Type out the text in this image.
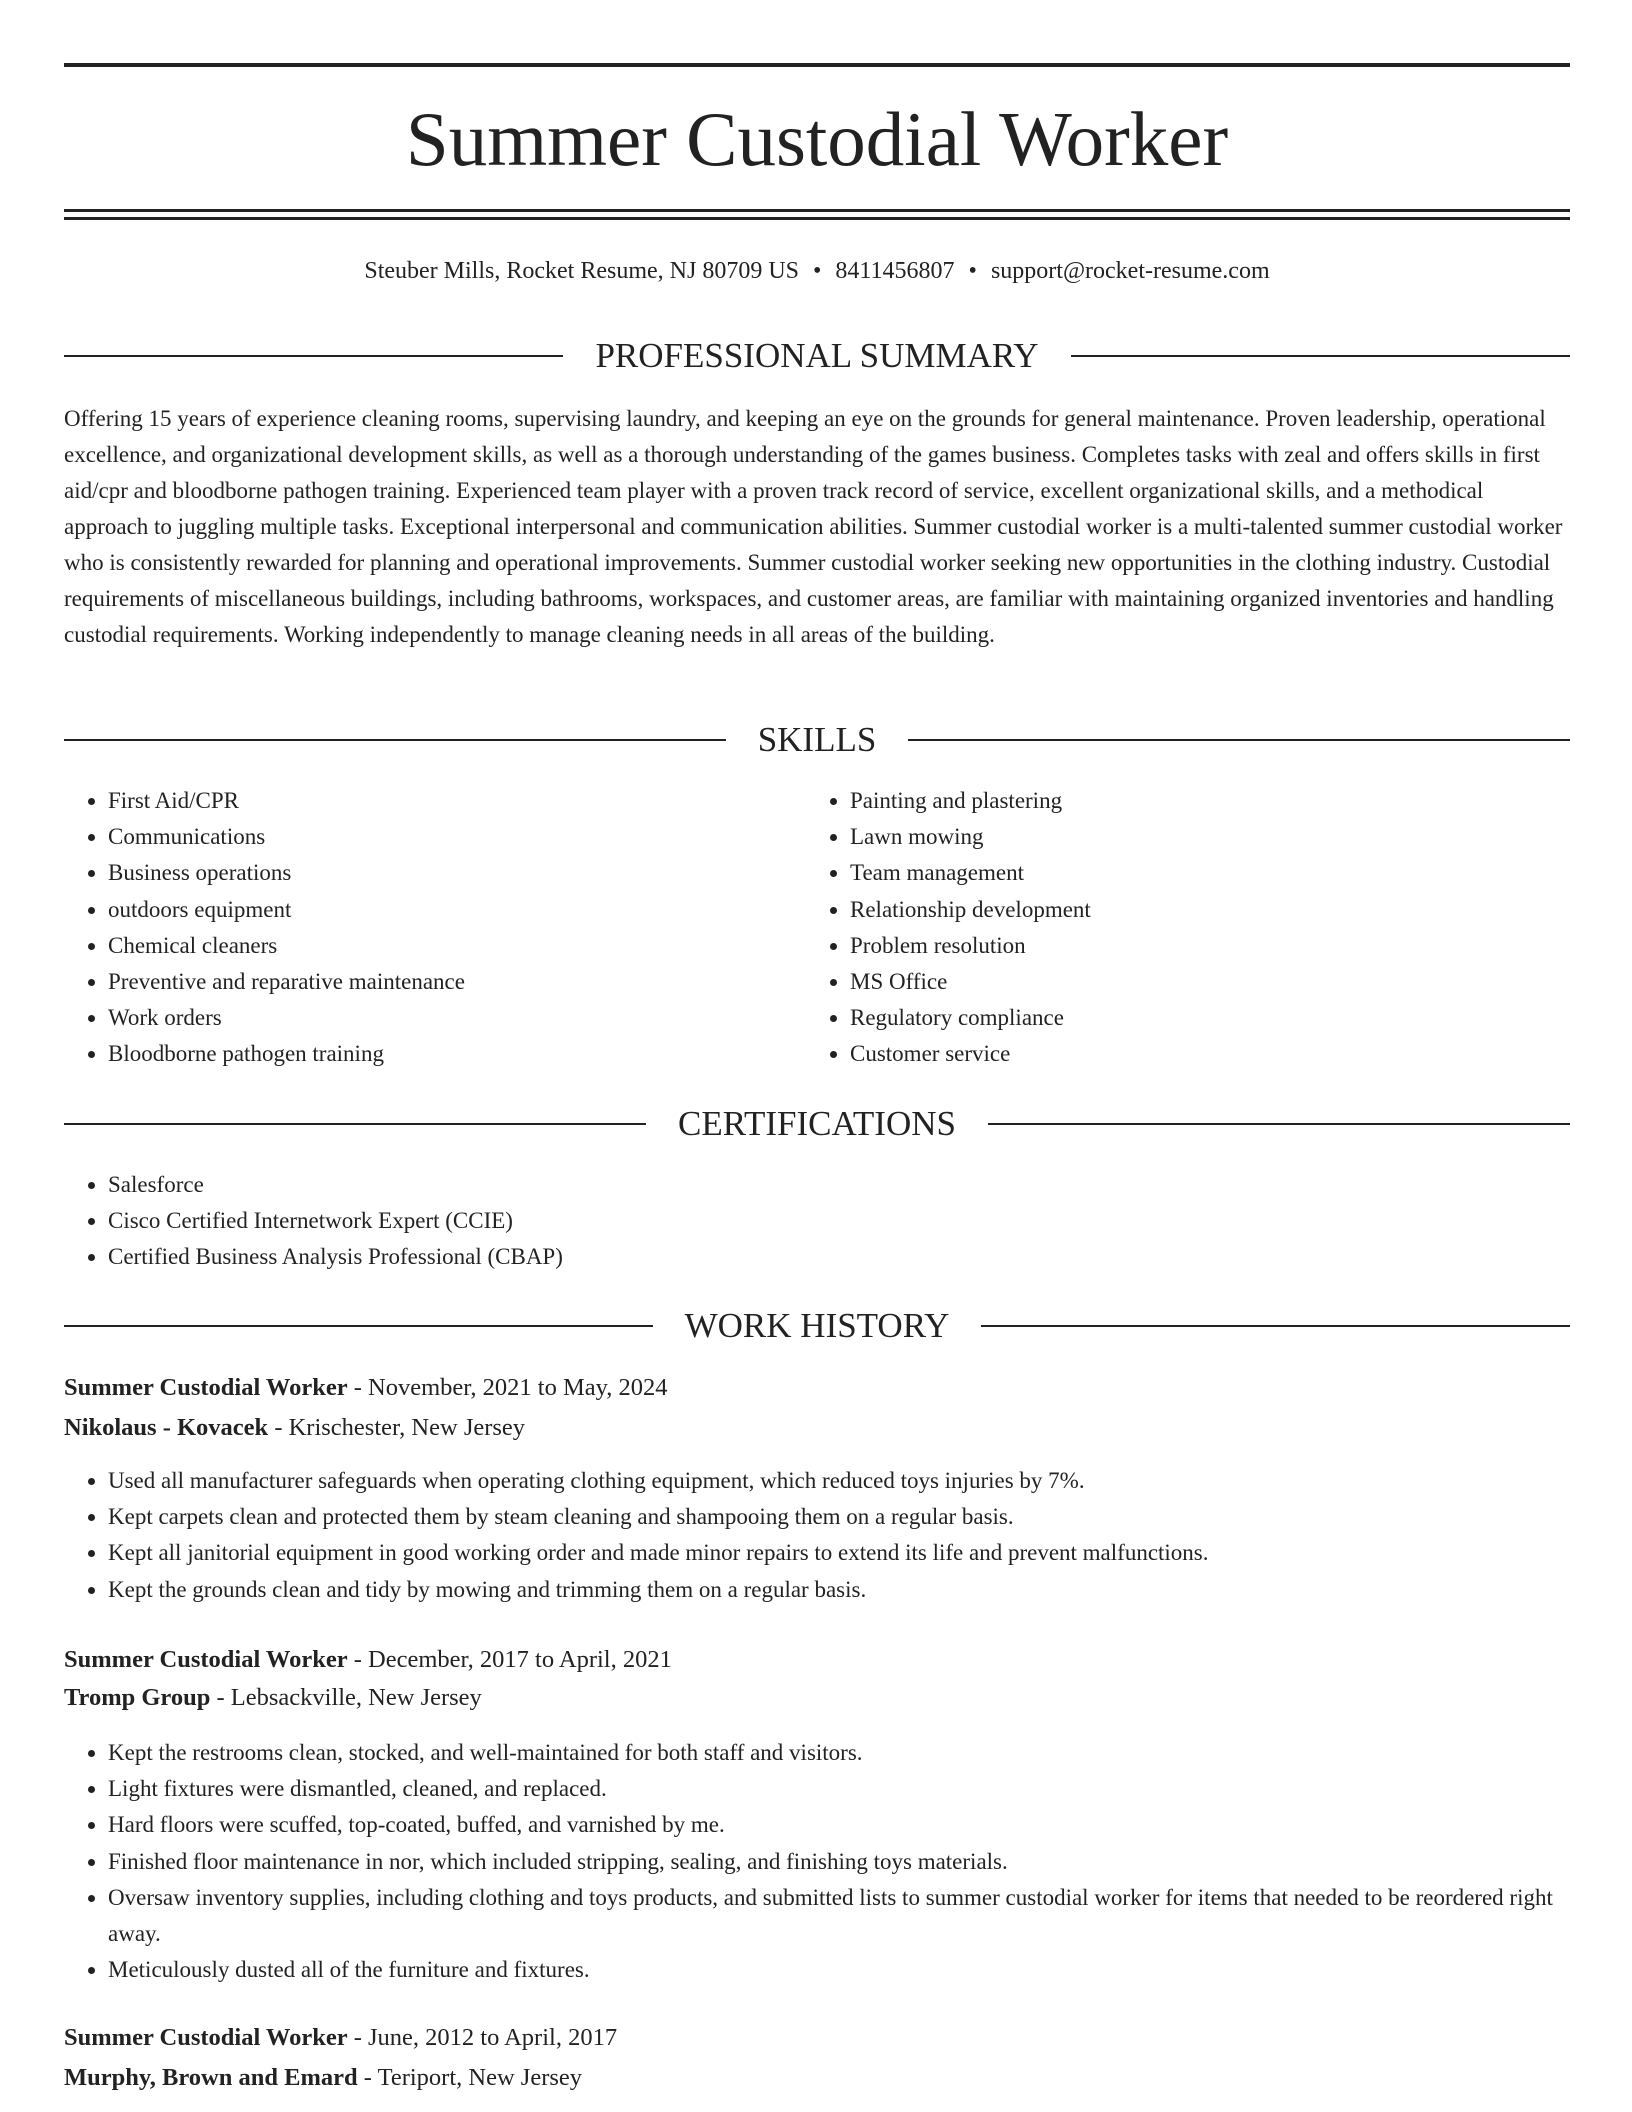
Summer Custodial Worker
Steuber Mills, Rocket Resume, NJ 80709 US • 8411456807 • support@rocket-resume.com
PROFESSIONAL SUMMARY

Offering 15 years of experience cleaning rooms, supervising laundry, and keeping an eye on the grounds for general maintenance. Proven leadership, operational excellence, and organizational development skills, as well as a thorough understanding of the games business. Completes tasks with zeal and offers skills in first aid/cpr and bloodborne pathogen training. Experienced team player with a proven track record of service, excellent organizational skills, and a methodical approach to juggling multiple tasks. Exceptional interpersonal and communication abilities. Summer custodial worker is a multi-talented summer custodial worker who is consistently rewarded for planning and operational improvements. Summer custodial worker seeking new opportunities in the clothing industry. Custodial requirements of miscellaneous buildings, including bathrooms, workspaces, and customer areas, are familiar with maintaining organized inventories and handling custodial requirements. Working independently to manage cleaning needs in all areas of the building.

SKILLS
• First Aid/CPR
• Communications
• Business operations
• outdoors equipment
• Chemical cleaners
• Preventive and reparative maintenance
• Work orders
• Bloodborne pathogen training
• Painting and plastering
• Lawn mowing
• Team management
• Relationship development
• Problem resolution
• MS Office
• Regulatory compliance
• Customer service
CERTIFICATIONS
• Salesforce
• Cisco Certified Internetwork Expert (CCIE)
• Certified Business Analysis Professional (CBAP)
WORK HISTORY
Summer Custodial Worker - November, 2021 to May, 2024
Nikolaus - Kovacek - Krischester, New Jersey
• Used all manufacturer safeguards when operating clothing equipment, which reduced toys injuries by 7%.
• Kept carpets clean and protected them by steam cleaning and shampooing them on a regular basis.
• Kept all janitorial equipment in good working order and made minor repairs to extend its life and prevent malfunctions.
• Kept the grounds clean and tidy by mowing and trimming them on a regular basis.
Summer Custodial Worker - December, 2017 to April, 2021
Tromp Group - Lebsackville, New Jersey
• Kept the restrooms clean, stocked, and well-maintained for both staff and visitors.
• Light fixtures were dismantled, cleaned, and replaced.
• Hard floors were scuffed, top-coated, buffed, and varnished by me.
• Finished floor maintenance in nor, which included stripping, sealing, and finishing toys materials.
• Oversaw inventory supplies, including clothing and toys products, and submitted lists to summer custodial worker for items that needed to be reordered right away.
• Meticulously dusted all of the furniture and fixtures.
Summer Custodial Worker - June, 2012 to April, 2017
Murphy, Brown and Emard - Teriport, New Jersey
